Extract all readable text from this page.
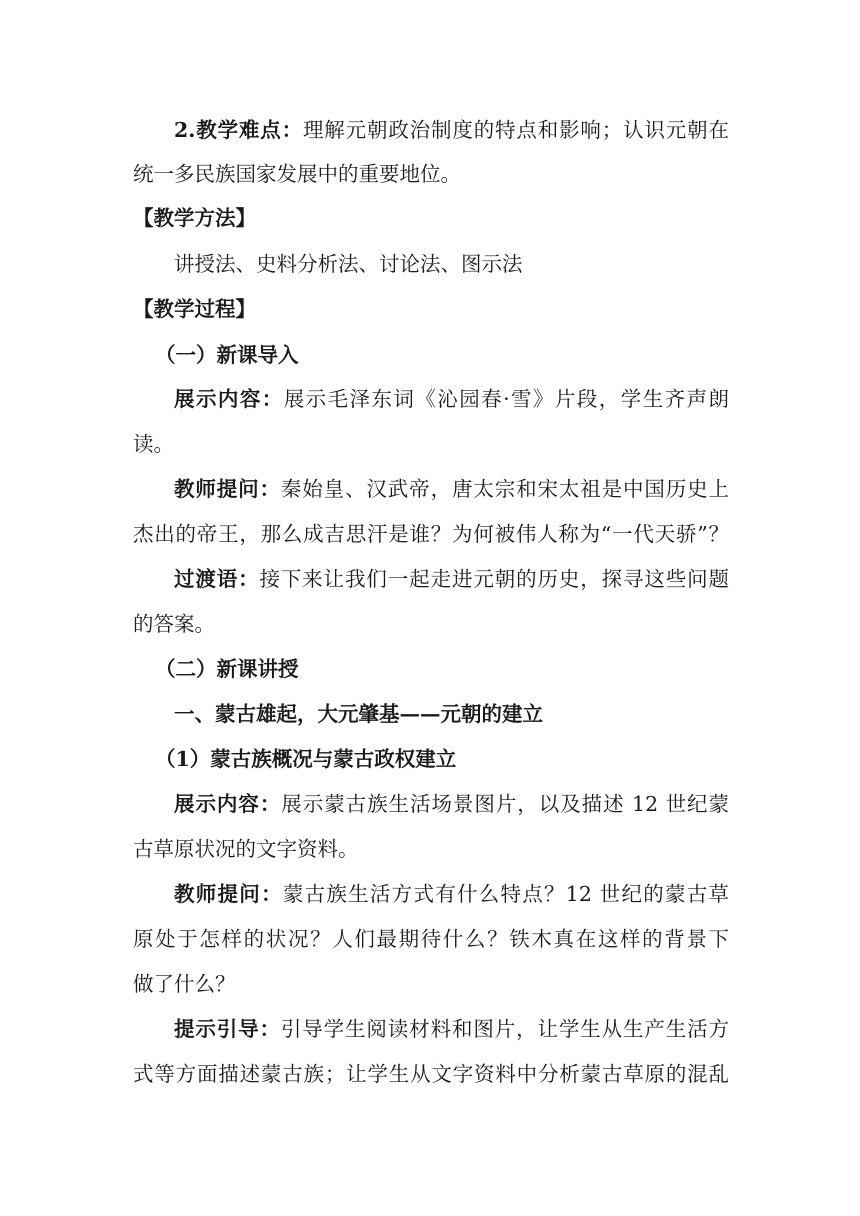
2.教学难点：理解元朝政治制度的特点和影响；认识元朝在
统一多民族国家发展中的重要地位。
【教学方法】
讲授法、史料分析法、讨论法、图示法
【教学过程】
（一）新课导入
展示内容：展示毛泽东词《沁园春·雪》片段，学生齐声朗
读。
教师提问：秦始皇、汉武帝，唐太宗和宋太祖是中国历史上
杰出的帝王，那么成吉思汗是谁？为何被伟人称为“一代天骄”？
过渡语：接下来让我们一起走进元朝的历史，探寻这些问题
的答案。
（二）新课讲授
一、蒙古雄起，大元肇基——元朝的建立
（1）蒙古族概况与蒙古政权建立
展示内容：展示蒙古族生活场景图片，以及描述 12 世纪蒙
古草原状况的文字资料。
教师提问：蒙古族生活方式有什么特点？12 世纪的蒙古草
原处于怎样的状况？人们最期待什么？铁木真在这样的背景下
做了什么？
提示引导：引导学生阅读材料和图片，让学生从生产生活方
式等方面描述蒙古族；让学生从文字资料中分析蒙古草原的混乱
